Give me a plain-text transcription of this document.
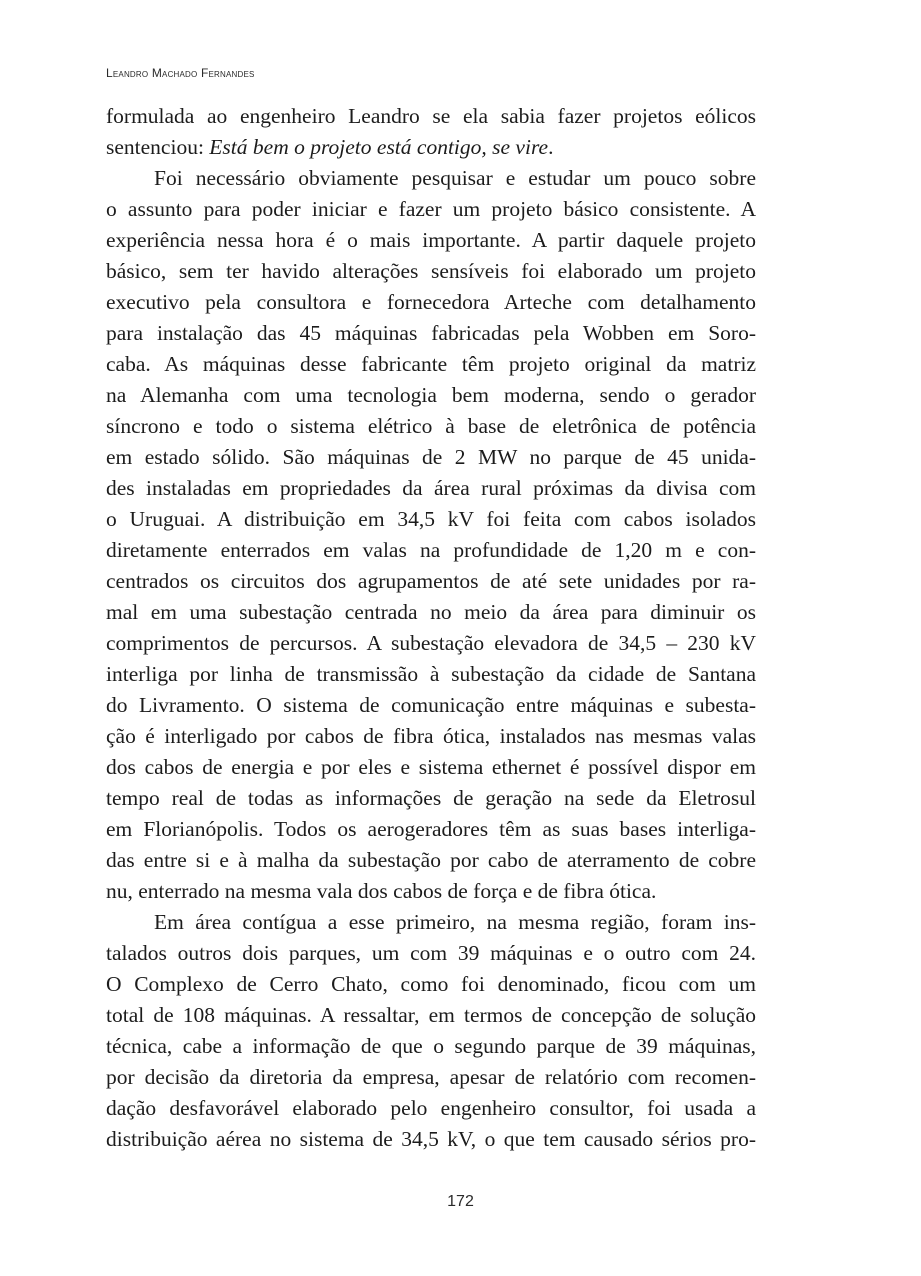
Leandro Machado Fernandes
formulada ao engenheiro Leandro se ela sabia fazer projetos eólicos
sentenciou: Está bem o projeto está contigo, se vire.
Foi necessário obviamente pesquisar e estudar um pouco sobre
o assunto para poder iniciar e fazer um projeto básico consistente. A
experiência nessa hora é o mais importante. A partir daquele projeto
básico, sem ter havido alterações sensíveis foi elaborado um projeto
executivo pela consultora e fornecedora Arteche com detalhamento
para instalação das 45 máquinas fabricadas pela Wobben em Soro-
caba. As máquinas desse fabricante têm projeto original da matriz
na Alemanha com uma tecnologia bem moderna, sendo o gerador
síncrono e todo o sistema elétrico à base de eletrônica de potência
em estado sólido. São máquinas de 2 MW no parque de 45 unida-
des instaladas em propriedades da área rural próximas da divisa com
o Uruguai. A distribuição em 34,5 kV foi feita com cabos isolados
diretamente enterrados em valas na profundidade de 1,20 m e con-
centrados os circuitos dos agrupamentos de até sete unidades por ra-
mal em uma subestação centrada no meio da área para diminuir os
comprimentos de percursos. A subestação elevadora de 34,5 – 230 kV
interliga por linha de transmissão à subestação da cidade de Santana
do Livramento. O sistema de comunicação entre máquinas e subesta-
ção é interligado por cabos de fibra ótica, instalados nas mesmas valas
dos cabos de energia e por eles e sistema ethernet é possível dispor em
tempo real de todas as informações de geração na sede da Eletrosul
em Florianópolis. Todos os aerogeradores têm as suas bases interliga-
das entre si e à malha da subestação por cabo de aterramento de cobre
nu, enterrado na mesma vala dos cabos de força e de fibra ótica.
Em área contígua a esse primeiro, na mesma região, foram ins-
talados outros dois parques, um com 39 máquinas e o outro com 24.
O Complexo de Cerro Chato, como foi denominado, ficou com um
total de 108 máquinas. A ressaltar, em termos de concepção de solução
técnica, cabe a informação de que o segundo parque de 39 máquinas,
por decisão da diretoria da empresa, apesar de relatório com recomen-
dação desfavorável elaborado pelo engenheiro consultor, foi usada a
distribuição aérea no sistema de 34,5 kV, o que tem causado sérios pro-
172
